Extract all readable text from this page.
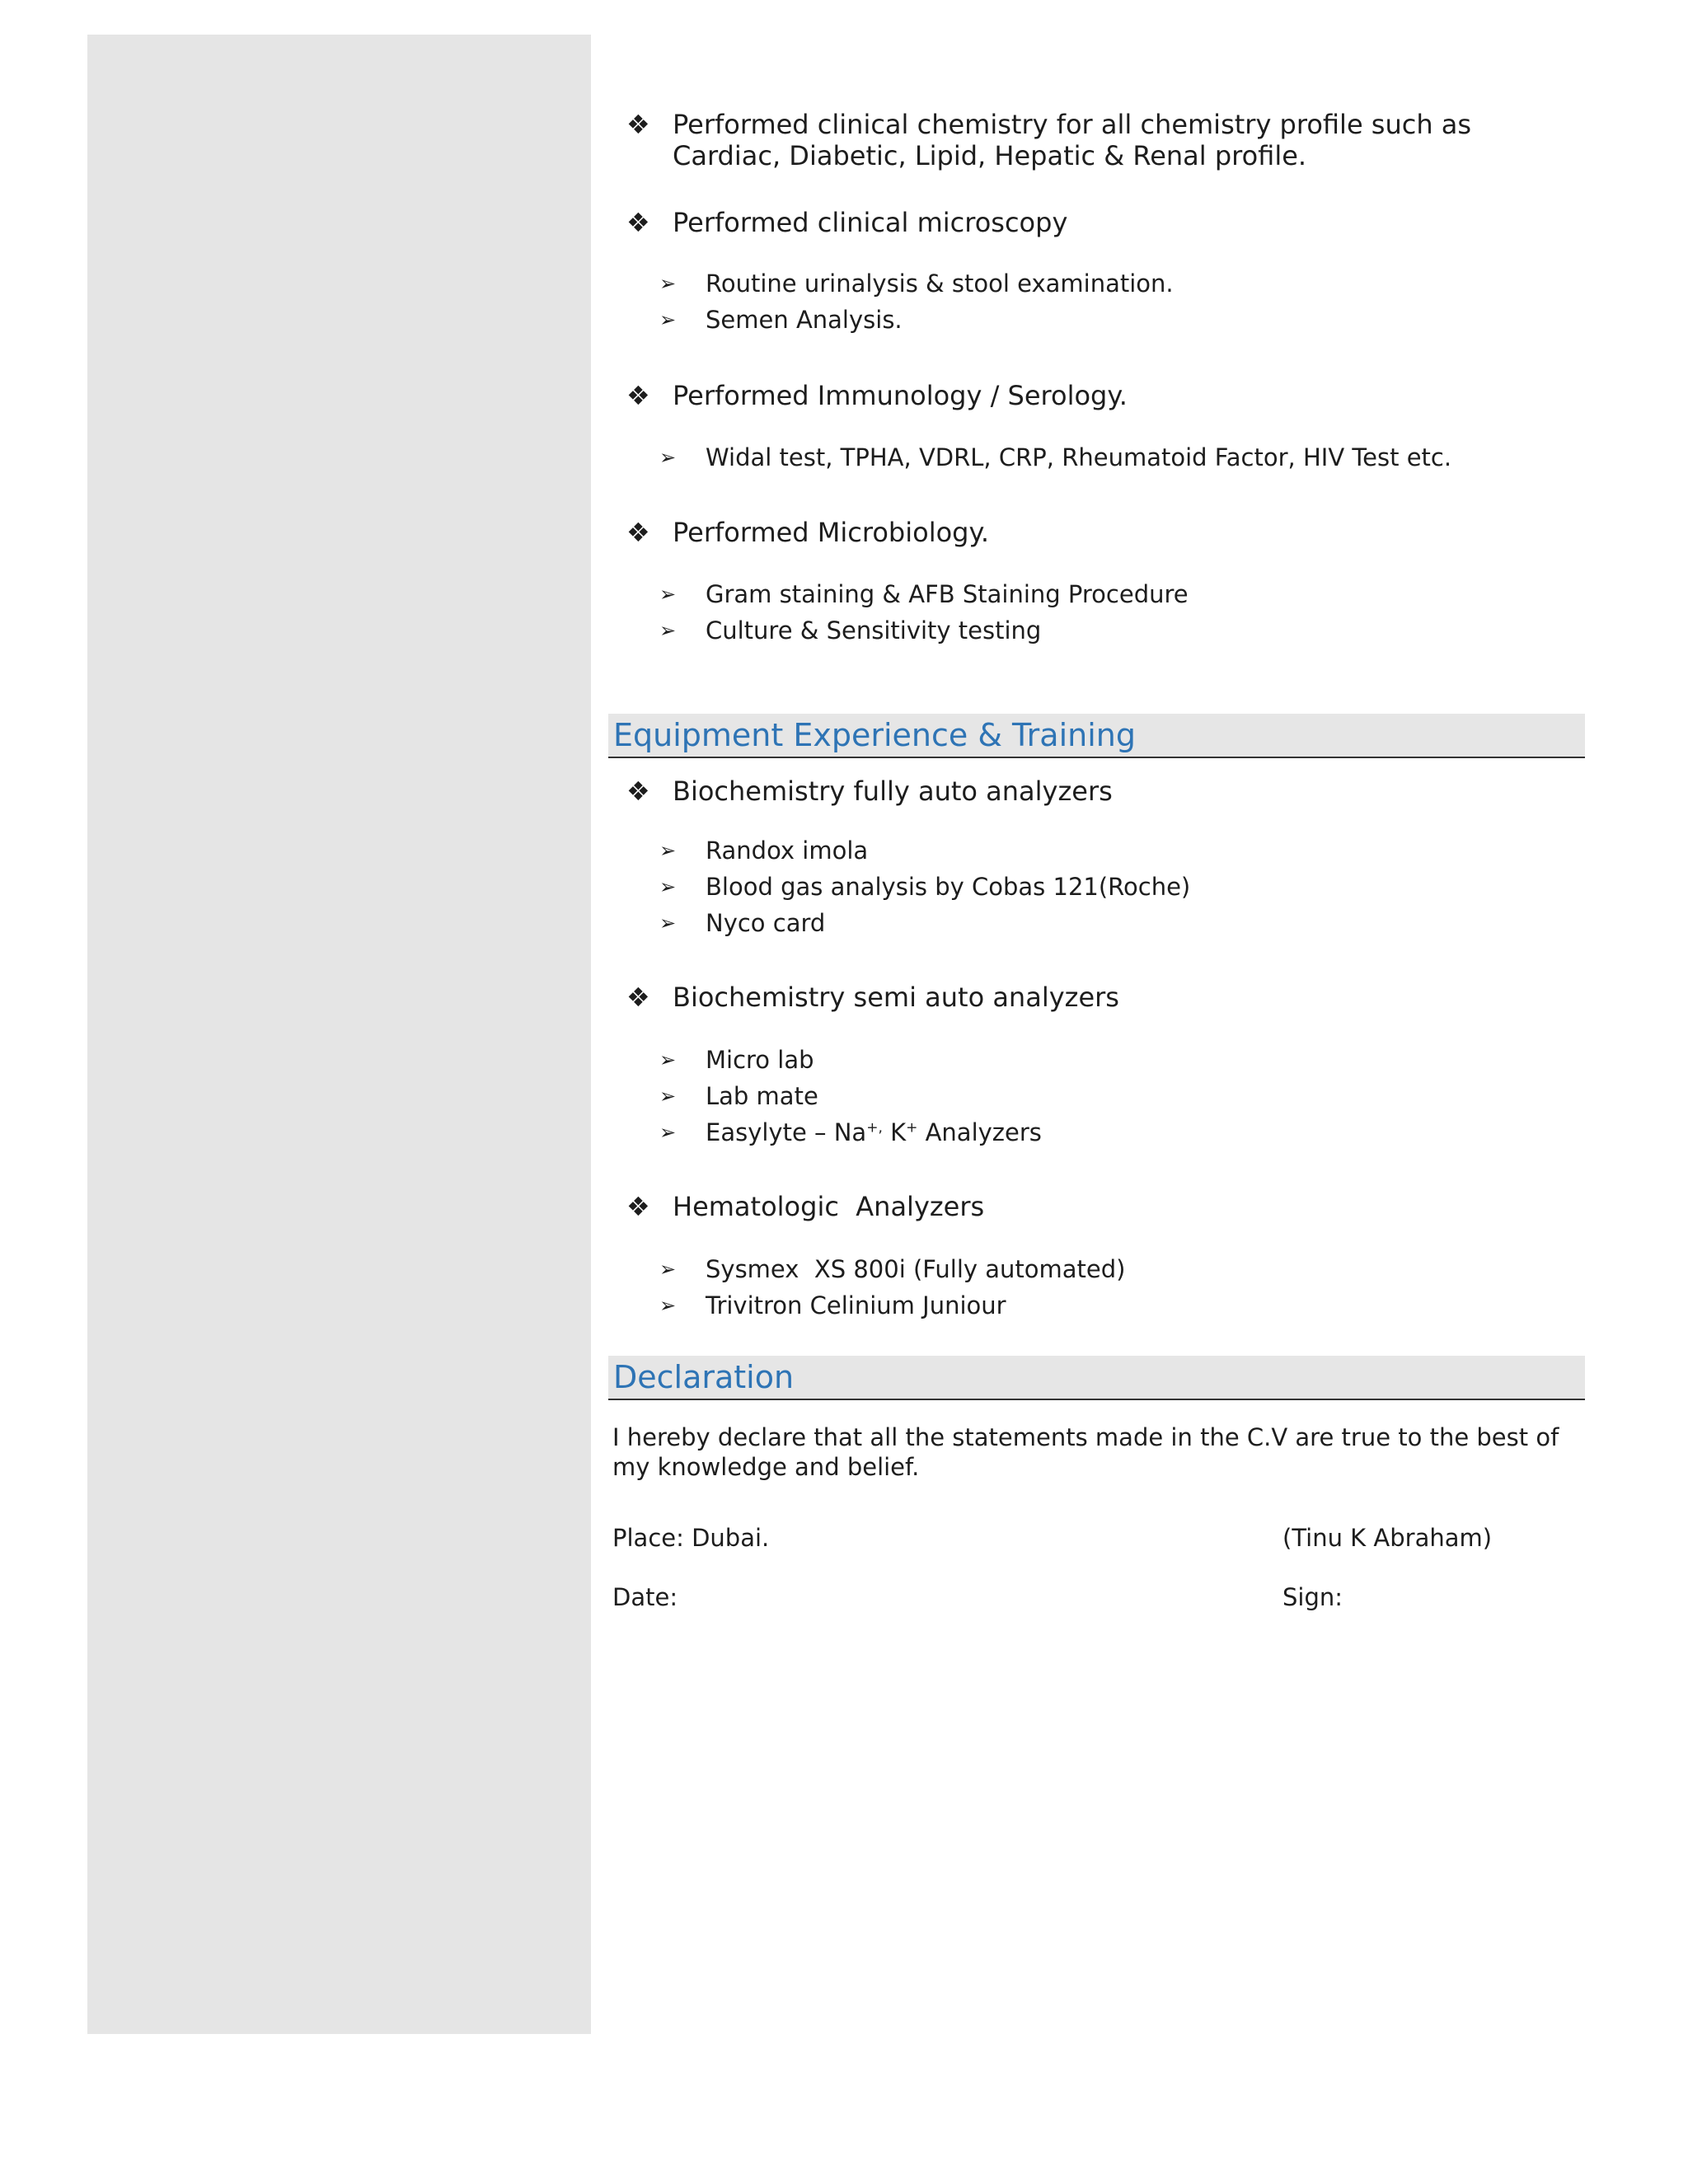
❖ Performed clinical chemistry for all chemistry profile such as Cardiac, Diabetic, Lipid, Hepatic & Renal profile.
❖ Performed clinical microscopy
➢	Routine urinalysis & stool examination.
➢	Semen Analysis.
❖ Performed Immunology / Serology.
➢	Widal test, TPHA, VDRL, CRP, Rheumatoid Factor, HIV Test etc.
❖ Performed Microbiology.
➢	Gram staining & AFB Staining Procedure
➢	Culture & Sensitivity testing
Equipment Experience & Training
❖ Biochemistry fully auto analyzers
➢	Randox imola
➢	Blood gas analysis by Cobas 121(Roche)
➢	Nyco card
❖ Biochemistry semi auto analyzers
➢	Micro lab
➢	Lab mate
➢	Easylyte – Na+, K+ Analyzers
❖ Hematologic  Analyzers
➢	Sysmex  XS 800i (Fully automated)
➢	Trivitron Celinium Juniour
Declaration
I hereby declare that all the statements made in the C.V are true to the best of my knowledge and belief.
Place: Dubai.	(Tinu K Abraham)
Date:	Sign:
